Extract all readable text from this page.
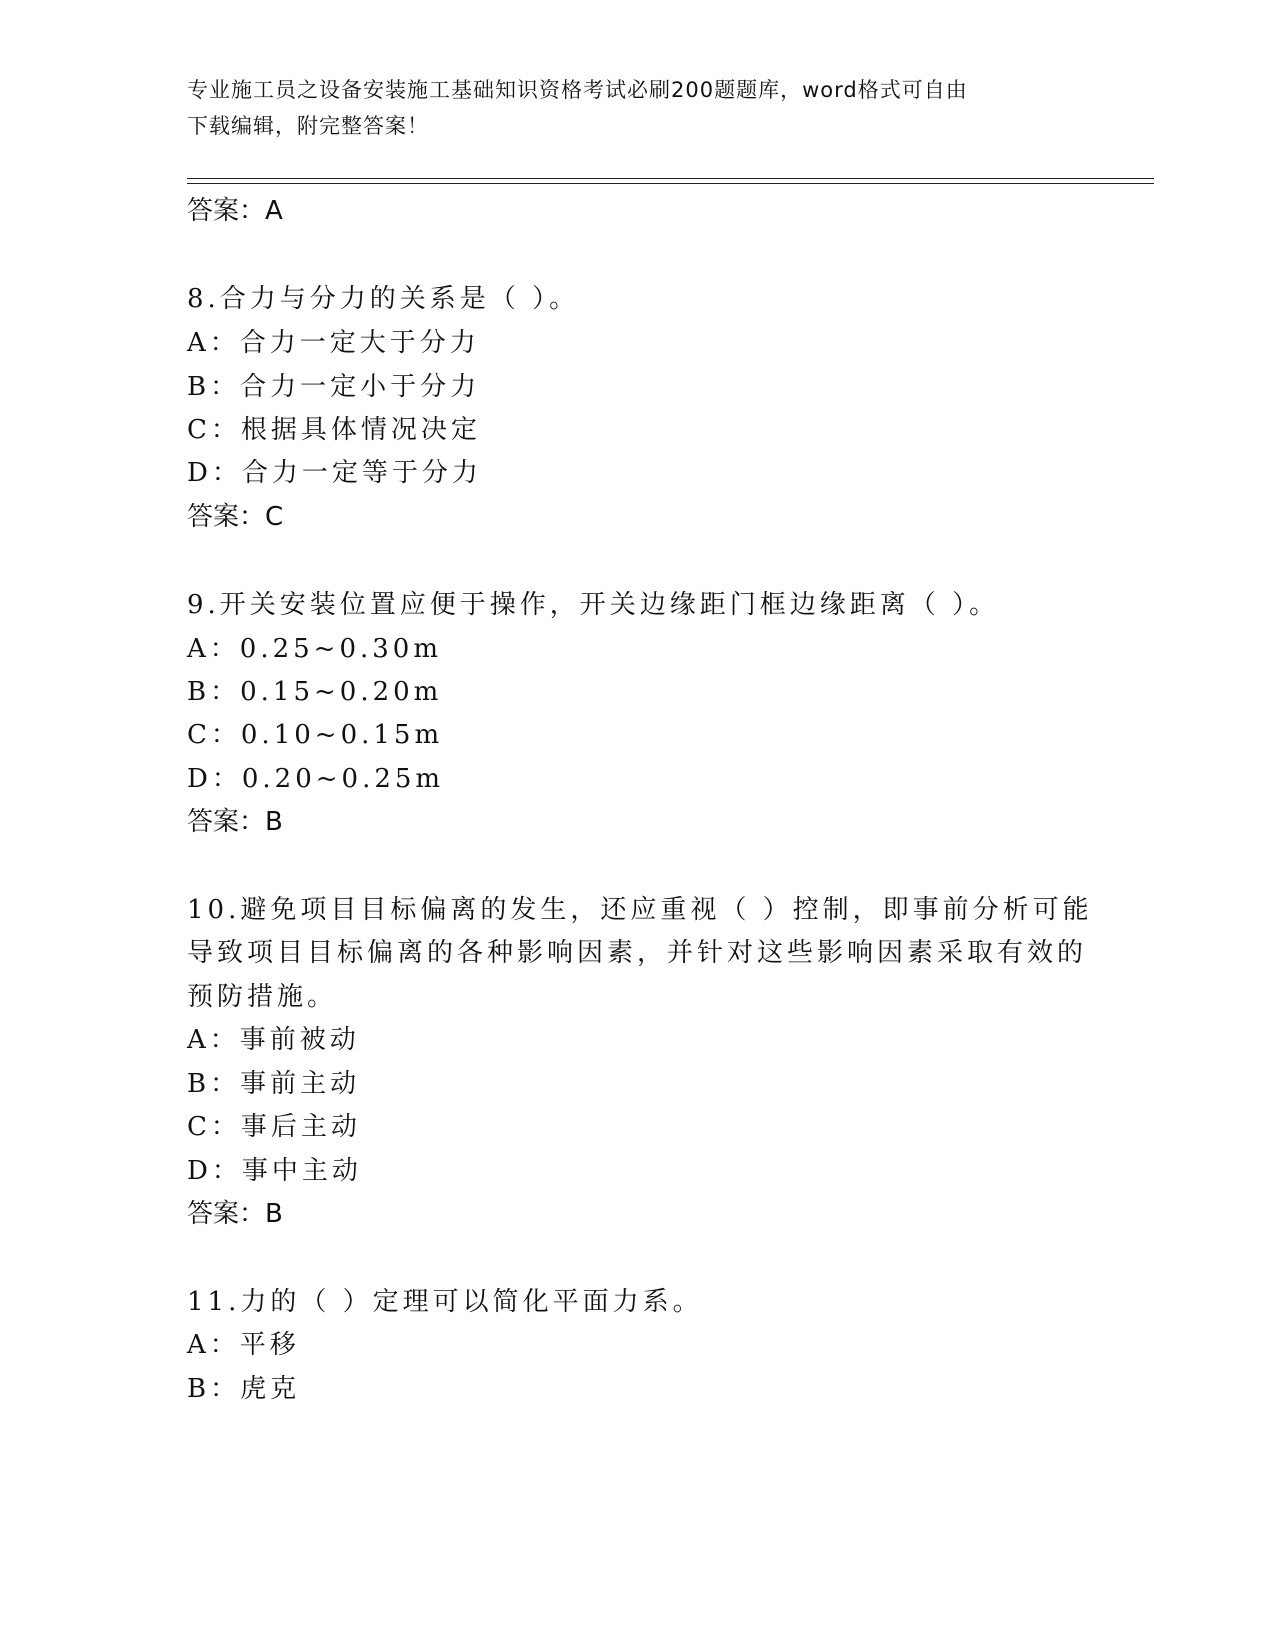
专业施工员之设备安装施工基础知识资格考试必刷200题题库，word格式可自由
下载编辑，附完整答案！
答案：A
8.合力与分力的关系是（ ）。
A：合力一定大于分力
B：合力一定小于分力
C：根据具体情况决定
D：合力一定等于分力
答案：C
9.开关安装位置应便于操作，开关边缘距门框边缘距离（ ）。
A：0.25~0.30m
B：0.15~0.20m
C：0.10~0.15m
D：0.20~0.25m
答案：B
10.避免项目目标偏离的发生，还应重视（ ）控制，即事前分析可能
导致项目目标偏离的各种影响因素，并针对这些影响因素采取有效的
预防措施。
A：事前被动
B：事前主动
C：事后主动
D：事中主动
答案：B
11.力的（ ）定理可以简化平面力系。
A：平移
B：虎克
